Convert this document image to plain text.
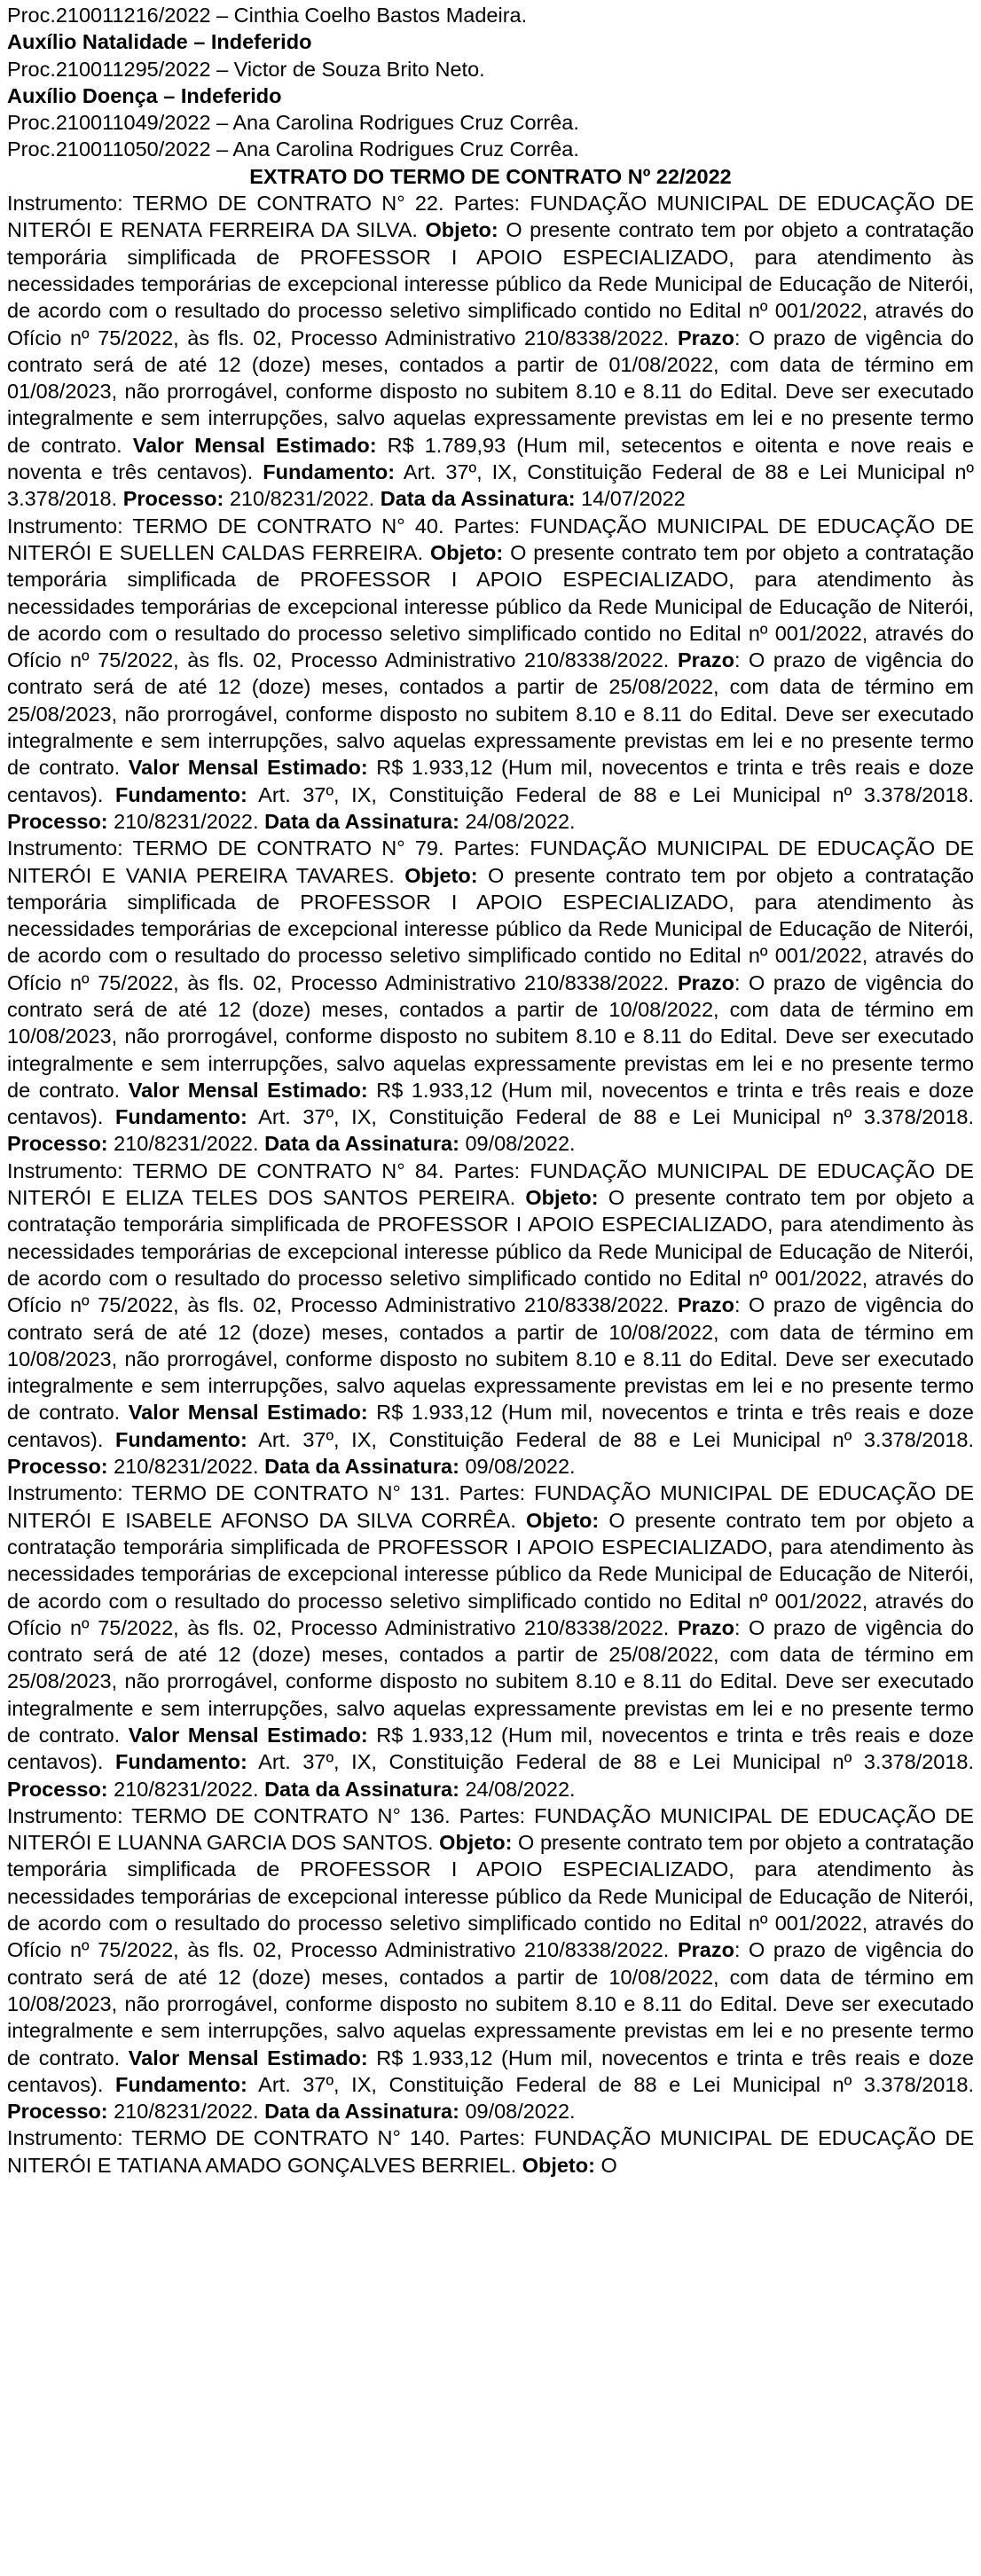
Proc.210011216/2022 – Cinthia Coelho Bastos Madeira.

Auxílio Natalidade – Indeferido

Proc.210011295/2022 – Victor de Souza Brito Neto.

Auxílio Doença – Indeferido

Proc.210011049/2022 – Ana Carolina Rodrigues Cruz Corrêa.

Proc.210011050/2022 – Ana Carolina Rodrigues Cruz Corrêa.

EXTRATO DO TERMO DE CONTRATO Nº 22/2022

Instrumento: TERMO DE CONTRATO N° 22. Partes: FUNDAÇÃO MUNICIPAL DE EDUCAÇÃO DE NITERÓI E RENATA FERREIRA DA SILVA. Objeto: O presente contrato tem por objeto a contratação temporária simplificada de PROFESSOR I APOIO ESPECIALIZADO, para atendimento às necessidades temporárias de excepcional interesse público da Rede Municipal de Educação de Niterói, de acordo com o resultado do processo seletivo simplificado contido no Edital nº 001/2022, através do Ofício nº 75/2022, às fls. 02, Processo Administrativo 210/8338/2022. Prazo: O prazo de vigência do contrato será de até 12 (doze) meses, contados a partir de 01/08/2022, com data de término em 01/08/2023, não prorrogável, conforme disposto no subitem 8.10 e 8.11 do Edital. Deve ser executado integralmente e sem interrupções, salvo aquelas expressamente previstas em lei e no presente termo de contrato. Valor Mensal Estimado: R$ 1.789,93 (Hum mil, setecentos e oitenta e nove reais e noventa e três centavos). Fundamento: Art. 37º, IX, Constituição Federal de 88 e Lei Municipal nº 3.378/2018. Processo: 210/8231/2022. Data da Assinatura: 14/07/2022

Instrumento: TERMO DE CONTRATO N° 40. Partes: FUNDAÇÃO MUNICIPAL DE EDUCAÇÃO DE NITERÓI E SUELLEN CALDAS FERREIRA. Objeto: O presente contrato tem por objeto a contratação temporária simplificada de PROFESSOR I APOIO ESPECIALIZADO, para atendimento às necessidades temporárias de excepcional interesse público da Rede Municipal de Educação de Niterói, de acordo com o resultado do processo seletivo simplificado contido no Edital nº 001/2022, através do Ofício nº 75/2022, às fls. 02, Processo Administrativo 210/8338/2022. Prazo: O prazo de vigência do contrato será de até 12 (doze) meses, contados a partir de 25/08/2022, com data de término em 25/08/2023, não prorrogável, conforme disposto no subitem 8.10 e 8.11 do Edital. Deve ser executado integralmente e sem interrupções, salvo aquelas expressamente previstas em lei e no presente termo de contrato. Valor Mensal Estimado: R$ 1.933,12 (Hum mil, novecentos e trinta e três reais e doze centavos). Fundamento: Art. 37º, IX, Constituição Federal de 88 e Lei Municipal nº 3.378/2018. Processo: 210/8231/2022. Data da Assinatura: 24/08/2022.

Instrumento: TERMO DE CONTRATO N° 79. Partes: FUNDAÇÃO MUNICIPAL DE EDUCAÇÃO DE NITERÓI E VANIA PEREIRA TAVARES. Objeto: O presente contrato tem por objeto a contratação temporária simplificada de PROFESSOR I APOIO ESPECIALIZADO, para atendimento às necessidades temporárias de excepcional interesse público da Rede Municipal de Educação de Niterói, de acordo com o resultado do processo seletivo simplificado contido no Edital nº 001/2022, através do Ofício nº 75/2022, às fls. 02, Processo Administrativo 210/8338/2022. Prazo: O prazo de vigência do contrato será de até 12 (doze) meses, contados a partir de 10/08/2022, com data de término em 10/08/2023, não prorrogável, conforme disposto no subitem 8.10 e 8.11 do Edital. Deve ser executado integralmente e sem interrupções, salvo aquelas expressamente previstas em lei e no presente termo de contrato. Valor Mensal Estimado: R$ 1.933,12 (Hum mil, novecentos e trinta e três reais e doze centavos). Fundamento: Art. 37º, IX, Constituição Federal de 88 e Lei Municipal nº 3.378/2018. Processo: 210/8231/2022. Data da Assinatura: 09/08/2022.

Instrumento: TERMO DE CONTRATO N° 84. Partes: FUNDAÇÃO MUNICIPAL DE EDUCAÇÃO DE NITERÓI E ELIZA TELES DOS SANTOS PEREIRA. Objeto: O presente contrato tem por objeto a contratação temporária simplificada de PROFESSOR I APOIO ESPECIALIZADO, para atendimento às necessidades temporárias de excepcional interesse público da Rede Municipal de Educação de Niterói, de acordo com o resultado do processo seletivo simplificado contido no Edital nº 001/2022, através do Ofício nº 75/2022, às fls. 02, Processo Administrativo 210/8338/2022. Prazo: O prazo de vigência do contrato será de até 12 (doze) meses, contados a partir de 10/08/2022, com data de término em 10/08/2023, não prorrogável, conforme disposto no subitem 8.10 e 8.11 do Edital. Deve ser executado integralmente e sem interrupções, salvo aquelas expressamente previstas em lei e no presente termo de contrato. Valor Mensal Estimado: R$ 1.933,12 (Hum mil, novecentos e trinta e três reais e doze centavos). Fundamento: Art. 37º, IX, Constituição Federal de 88 e Lei Municipal nº 3.378/2018. Processo: 210/8231/2022. Data da Assinatura: 09/08/2022.

Instrumento: TERMO DE CONTRATO N° 131. Partes: FUNDAÇÃO MUNICIPAL DE EDUCAÇÃO DE NITERÓI E ISABELE AFONSO DA SILVA CORRÊA. Objeto: O presente contrato tem por objeto a contratação temporária simplificada de PROFESSOR I APOIO ESPECIALIZADO, para atendimento às necessidades temporárias de excepcional interesse público da Rede Municipal de Educação de Niterói, de acordo com o resultado do processo seletivo simplificado contido no Edital nº 001/2022, através do Ofício nº 75/2022, às fls. 02, Processo Administrativo 210/8338/2022. Prazo: O prazo de vigência do contrato será de até 12 (doze) meses, contados a partir de 25/08/2022, com data de término em 25/08/2023, não prorrogável, conforme disposto no subitem 8.10 e 8.11 do Edital. Deve ser executado integralmente e sem interrupções, salvo aquelas expressamente previstas em lei e no presente termo de contrato. Valor Mensal Estimado: R$ 1.933,12 (Hum mil, novecentos e trinta e três reais e doze centavos). Fundamento: Art. 37º, IX, Constituição Federal de 88 e Lei Municipal nº 3.378/2018. Processo: 210/8231/2022. Data da Assinatura: 24/08/2022.

Instrumento: TERMO DE CONTRATO N° 136. Partes: FUNDAÇÃO MUNICIPAL DE EDUCAÇÃO DE NITERÓI E LUANNA GARCIA DOS SANTOS. Objeto: O presente contrato tem por objeto a contratação temporária simplificada de PROFESSOR I APOIO ESPECIALIZADO, para atendimento às necessidades temporárias de excepcional interesse público da Rede Municipal de Educação de Niterói, de acordo com o resultado do processo seletivo simplificado contido no Edital nº 001/2022, através do Ofício nº 75/2022, às fls. 02, Processo Administrativo 210/8338/2022. Prazo: O prazo de vigência do contrato será de até 12 (doze) meses, contados a partir de 10/08/2022, com data de término em 10/08/2023, não prorrogável, conforme disposto no subitem 8.10 e 8.11 do Edital. Deve ser executado integralmente e sem interrupções, salvo aquelas expressamente previstas em lei e no presente termo de contrato. Valor Mensal Estimado: R$ 1.933,12 (Hum mil, novecentos e trinta e três reais e doze centavos). Fundamento: Art. 37º, IX, Constituição Federal de 88 e Lei Municipal nº 3.378/2018. Processo: 210/8231/2022. Data da Assinatura: 09/08/2022.

Instrumento: TERMO DE CONTRATO N° 140. Partes: FUNDAÇÃO MUNICIPAL DE EDUCAÇÃO DE NITERÓI E TATIANA AMADO GONÇALVES BERRIEL. Objeto: O
